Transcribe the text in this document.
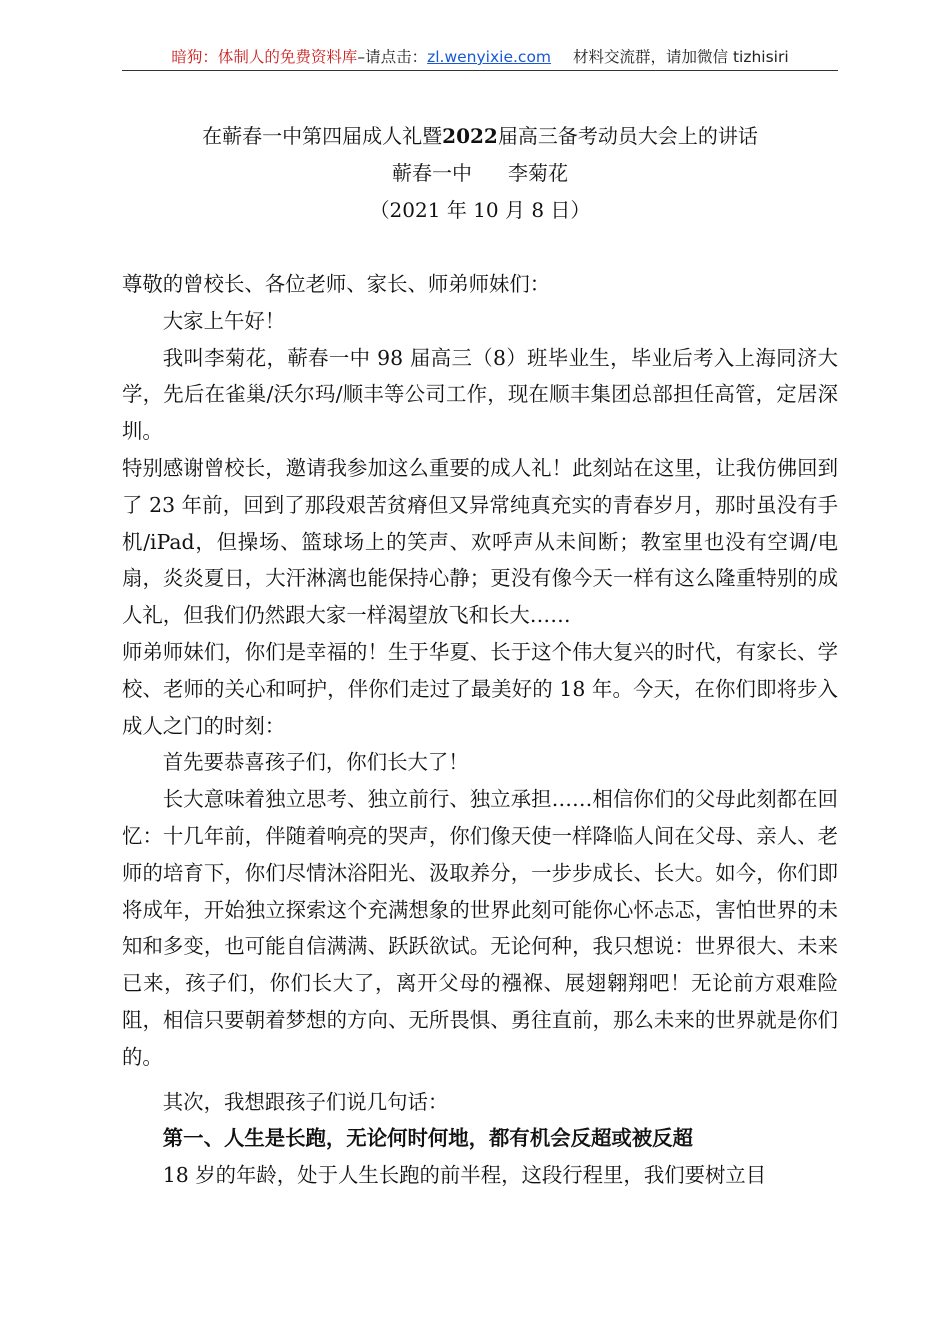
暗狗：体制人的免费资料库–请点击：zl.wenyixie.com 材料交流群，请加微信 tizhisiri
在蕲春一中第四届成人礼暨2022届高三备考动员大会上的讲话
蕲春一中 李菊花
（2021 年 10 月 8 日）

尊敬的曾校长、各位老师、家长、师弟师妹们：

大家上午好！

我叫李菊花，蕲春一中 98 届高三（8）班毕业生，毕业后考入上海同济大学，先后在雀巢/沃尔玛/顺丰等公司工作，现在顺丰集团总部担任高管，定居深圳。

特别感谢曾校长，邀请我参加这么重要的成人礼！此刻站在这里，让我仿佛回到了 23 年前，回到了那段艰苦贫瘠但又异常纯真充实的青春岁月，那时虽没有手机/iPad，但操场、篮球场上的笑声、欢呼声从未间断；教室里也没有空调/电扇，炎炎夏日，大汗淋漓也能保持心静；更没有像今天一样有这么隆重特别的成人礼，但我们仍然跟大家一样渴望放飞和长大……

师弟师妹们，你们是幸福的！生于华夏、长于这个伟大复兴的时代，有家长、学校、老师的关心和呵护，伴你们走过了最美好的 18 年。今天，在你们即将步入成人之门的时刻：

首先要恭喜孩子们，你们长大了！

长大意味着独立思考、独立前行、独立承担……相信你们的父母此刻都在回忆：十几年前，伴随着响亮的哭声，你们像天使一样降临人间在父母、亲人、老师的培育下，你们尽情沐浴阳光、汲取养分，一步步成长、长大。如今，你们即将成年，开始独立探索这个充满想象的世界此刻可能你心怀忐忑，害怕世界的未知和多变，也可能自信满满、跃跃欲试。无论何种，我只想说：世界很大、未来已来，孩子们，你们长大了，离开父母的襁褓、展翅翱翔吧！无论前方艰难险阻，相信只要朝着梦想的方向、无所畏惧、勇往直前，那么未来的世界就是你们的。

其次，我想跟孩子们说几句话：

第一、人生是长跑，无论何时何地，都有机会反超或被反超

18 岁的年龄，处于人生长跑的前半程，这段行程里，我们要树立目
